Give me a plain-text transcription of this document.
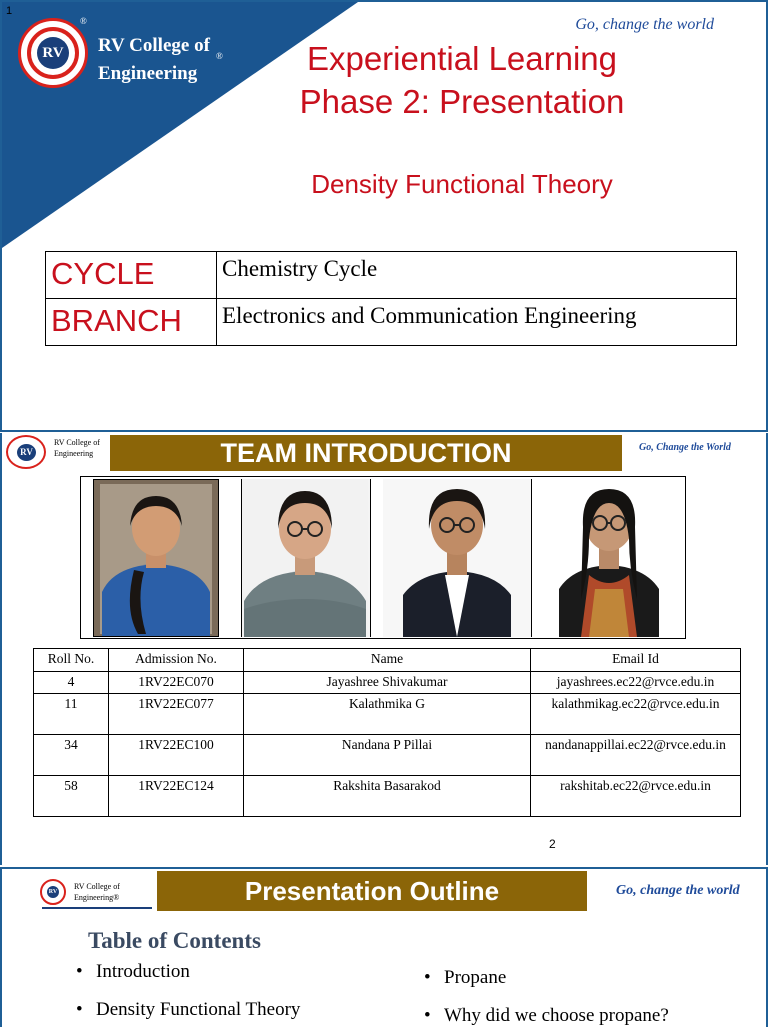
1
RV RV College of
Engineering
®
®
Go, change the world
Experiential Learning
Phase 2: Presentation
Density Functional Theory
CYCLE	Chemistry Cycle
BRANCH	Electronics and Communication Engineering
RV
RV College of
Engineering	TEAM INTRODUCTION	Go, Change the World
Roll No.	Admission No.	Name	Email Id
4	1RV22EC070	Jayashree Shivakumar	jayashrees.ec22@rvce.edu.in
11	1RV22EC077	Kalathmika G	kalathmikag.ec22@rvce.edu.in
34	1RV22EC100	Nandana P Pillai	nandanappillai.ec22@rvce.edu.in
58	1RV22EC124	Rakshita Basarakod	rakshitab.ec22@rvce.edu.in
2
RV
RV College of
Engineering®	Presentation Outline	Go, change the world
Table of Contents
• Introduction
• Density Functional Theory
• Propane
• Why did we choose propane?
